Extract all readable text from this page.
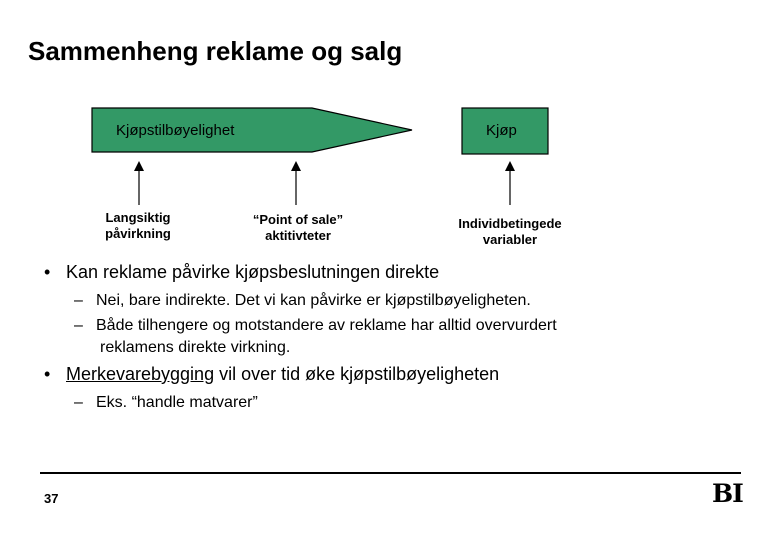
Sammenheng reklame og salg
Kjøpstilbøyelighet	Kjøp
Langsiktig
påvirkning
“Point of sale”
aktitivteter
Individbetingede
variabler
• Kan reklame påvirke kjøpsbeslutningen direkte
– Nei, bare indirekte. Det vi kan påvirke er kjøpstilbøyeligheten.
– Både tilhengere og motstandere av reklame har alltid overvurdert
reklamens direkte virkning.
• Merkevarebygging vil over tid øke kjøpstilbøyeligheten
– Eks. “handle matvarer”
37	BI
